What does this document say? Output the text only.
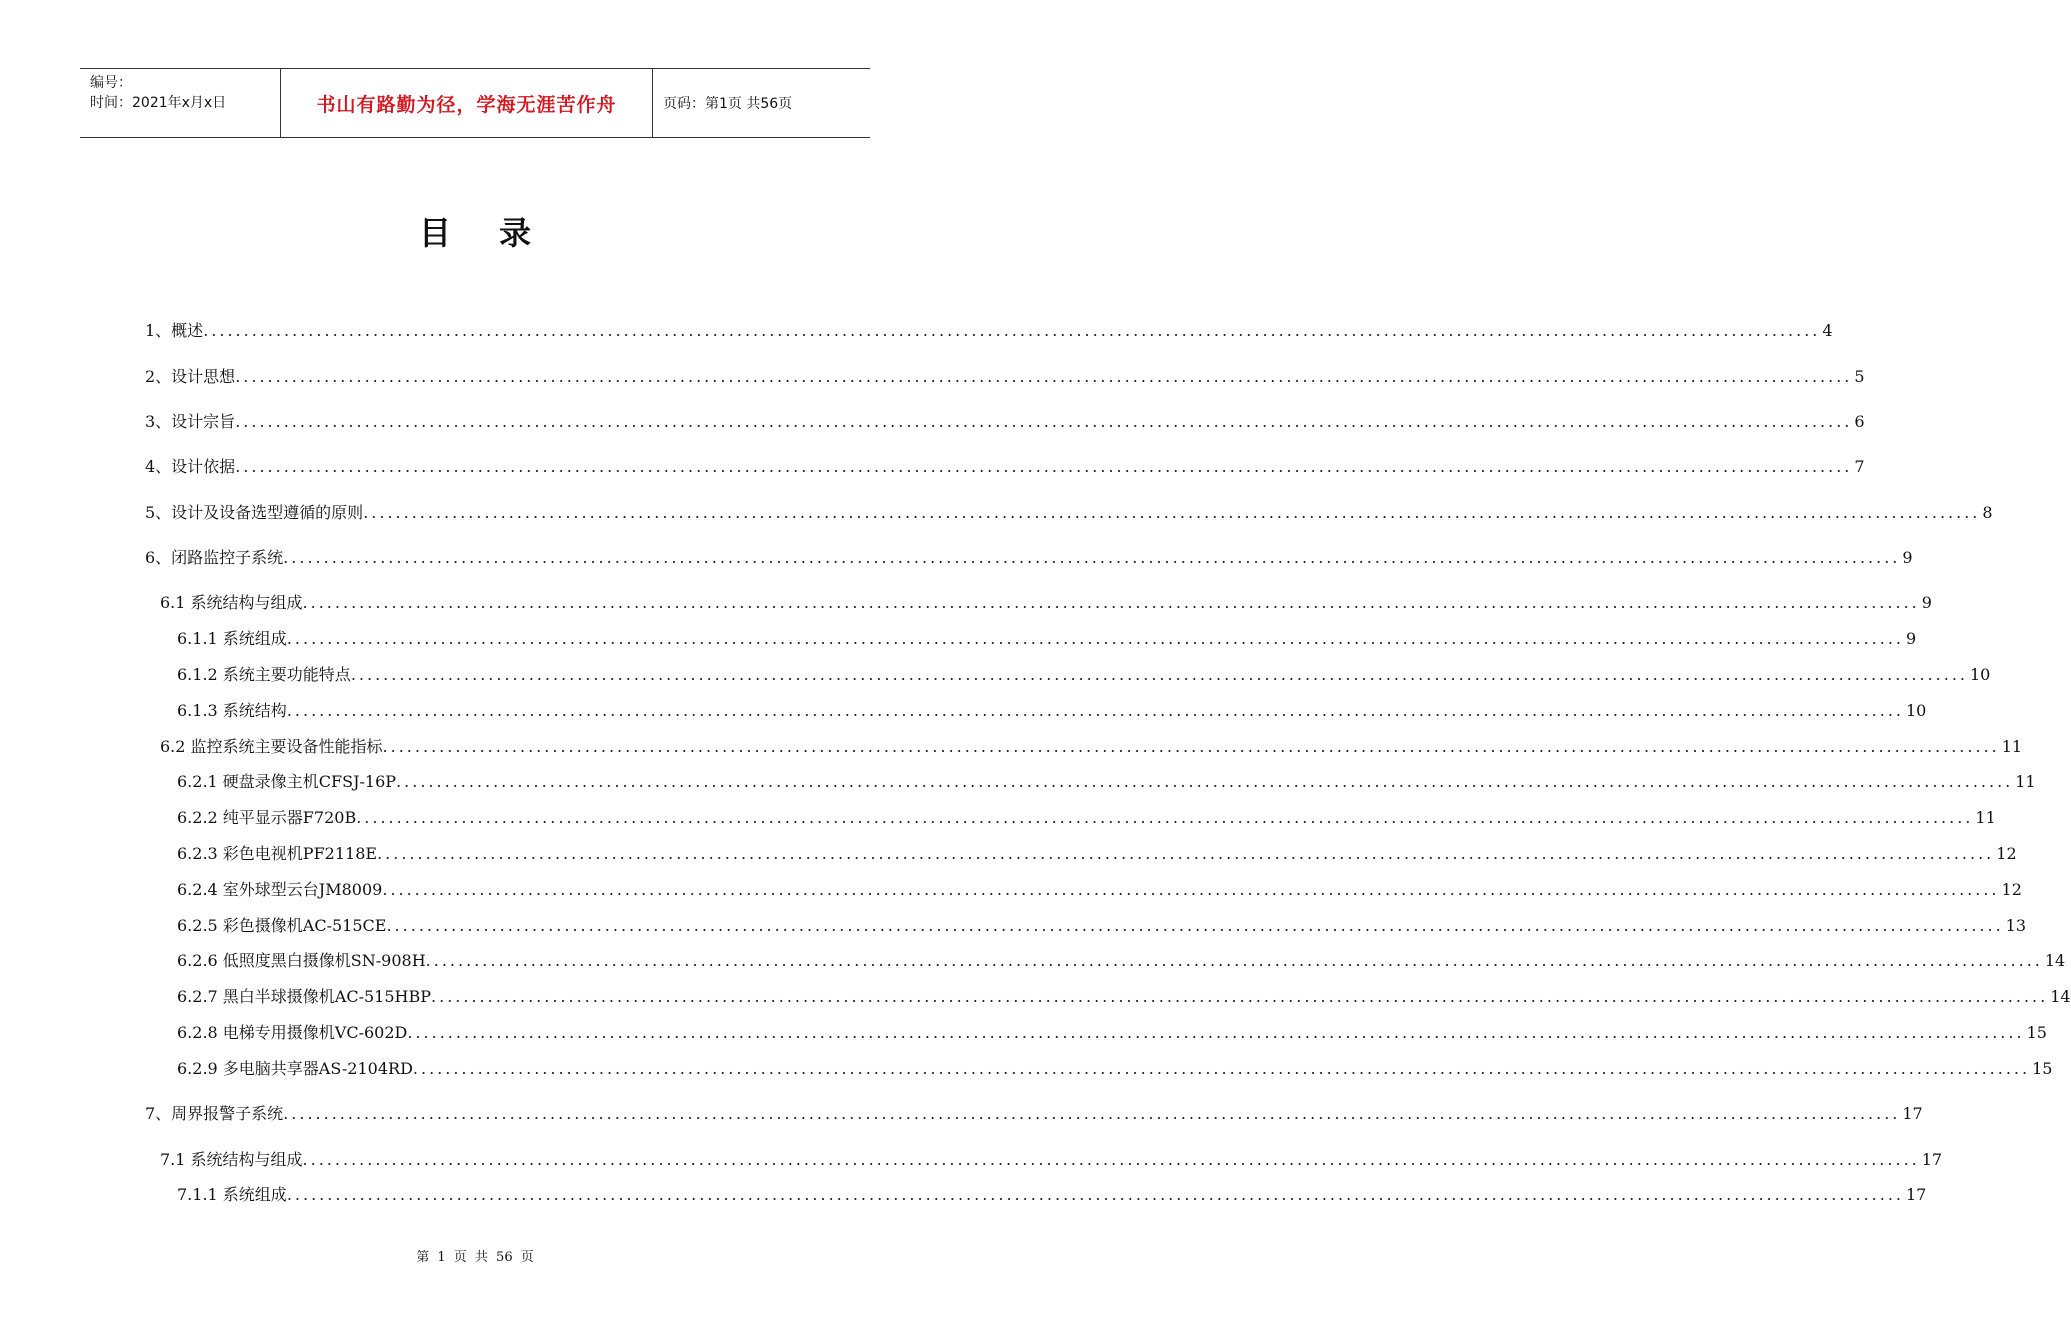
编号：
时间：2021年x月x日	书山有路勤为径，学海无涯苦作舟	页码：第1页 共56页
目录
1、概述 ........................................................................................................................................................................................................ 4
2、设计思想 ........................................................................................................................................................................................................ 5
3、设计宗旨 ........................................................................................................................................................................................................ 6
4、设计依据 ........................................................................................................................................................................................................ 7
5、设计及设备选型遵循的原则 ........................................................................................................................................................................................................ 8
6、闭路监控子系统 ........................................................................................................................................................................................................ 9
6.1 系统结构与组成 ........................................................................................................................................................................................................ 9
6.1.1 系统组成 ........................................................................................................................................................................................................ 9
6.1.2 系统主要功能特点 ........................................................................................................................................................................................................ 10
6.1.3 系统结构 ........................................................................................................................................................................................................ 10
6.2 监控系统主要设备性能指标 ........................................................................................................................................................................................................ 11
6.2.1 硬盘录像主机CFSJ-16P ........................................................................................................................................................................................................ 11
6.2.2 纯平显示器F720B ........................................................................................................................................................................................................ 11
6.2.3 彩色电视机PF2118E ........................................................................................................................................................................................................ 12
6.2.4 室外球型云台JM8009 ........................................................................................................................................................................................................ 12
6.2.5 彩色摄像机AC-515CE ........................................................................................................................................................................................................ 13
6.2.6 低照度黑白摄像机SN-908H ........................................................................................................................................................................................................ 14
6.2.7 黑白半球摄像机AC-515HBP ........................................................................................................................................................................................................ 14
6.2.8 电梯专用摄像机VC-602D ........................................................................................................................................................................................................ 15
6.2.9 多电脑共享器AS-2104RD ........................................................................................................................................................................................................ 15
7、周界报警子系统 ........................................................................................................................................................................................................ 17
7.1 系统结构与组成 ........................................................................................................................................................................................................ 17
7.1.1 系统组成 ........................................................................................................................................................................................................ 17
第 1 页 共 56 页
